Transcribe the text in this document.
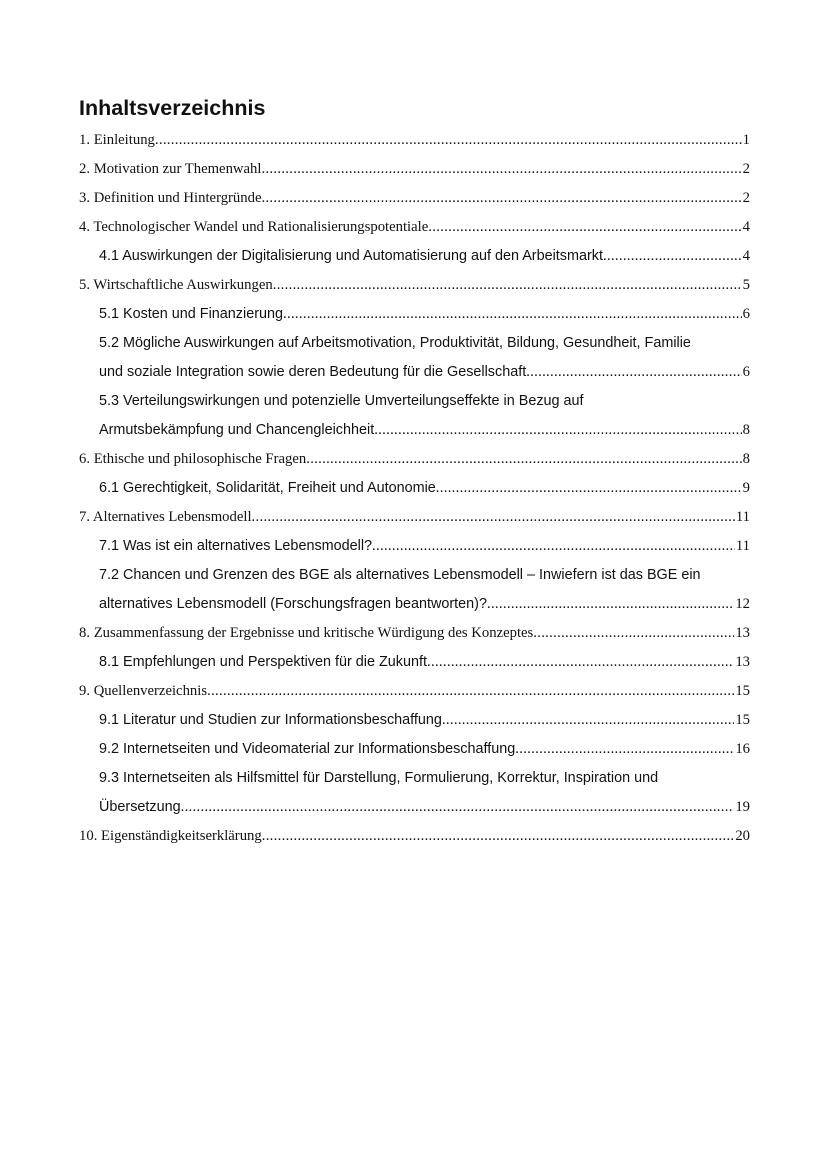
Inhaltsverzeichnis
1. Einleitung .....	1
2. Motivation zur Themenwahl .....	2
3. Definition und Hintergründe .....	2
4. Technologischer Wandel und Rationalisierungspotentiale .....	4
4.1 Auswirkungen der Digitalisierung und Automatisierung auf den Arbeitsmarkt .....	4
5. Wirtschaftliche Auswirkungen .....	5
5.1 Kosten und Finanzierung .....	6
5.2 Mögliche Auswirkungen auf Arbeitsmotivation, Produktivität, Bildung, Gesundheit, Familie
und soziale Integration sowie deren Bedeutung für die Gesellschaft .....	6
5.3 Verteilungswirkungen und potenzielle Umverteilungseffekte in Bezug auf
Armutsbekämpfung und Chancengleichheit .....	8
6. Ethische und philosophische Fragen .....	8
6.1 Gerechtigkeit, Solidarität, Freiheit und Autonomie .....	9
7. Alternatives Lebensmodell .....	11
7.1 Was ist ein alternatives Lebensmodell? .....	11
7.2 Chancen und Grenzen des BGE als alternatives Lebensmodell – Inwiefern ist das BGE ein
alternatives Lebensmodell (Forschungsfragen beantworten)? .....	12
8. Zusammenfassung der Ergebnisse und kritische Würdigung des Konzeptes .....	13
8.1 Empfehlungen und Perspektiven für die Zukunft .....	13
9. Quellenverzeichnis .....	15
9.1 Literatur und Studien zur Informationsbeschaffung .....	15
9.2 Internetseiten und Videomaterial zur Informationsbeschaffung .....	16
9.3 Internetseiten als Hilfsmittel für Darstellung, Formulierung, Korrektur, Inspiration und
Übersetzung .....	19
10. Eigenständigkeitserklärung .....	20
